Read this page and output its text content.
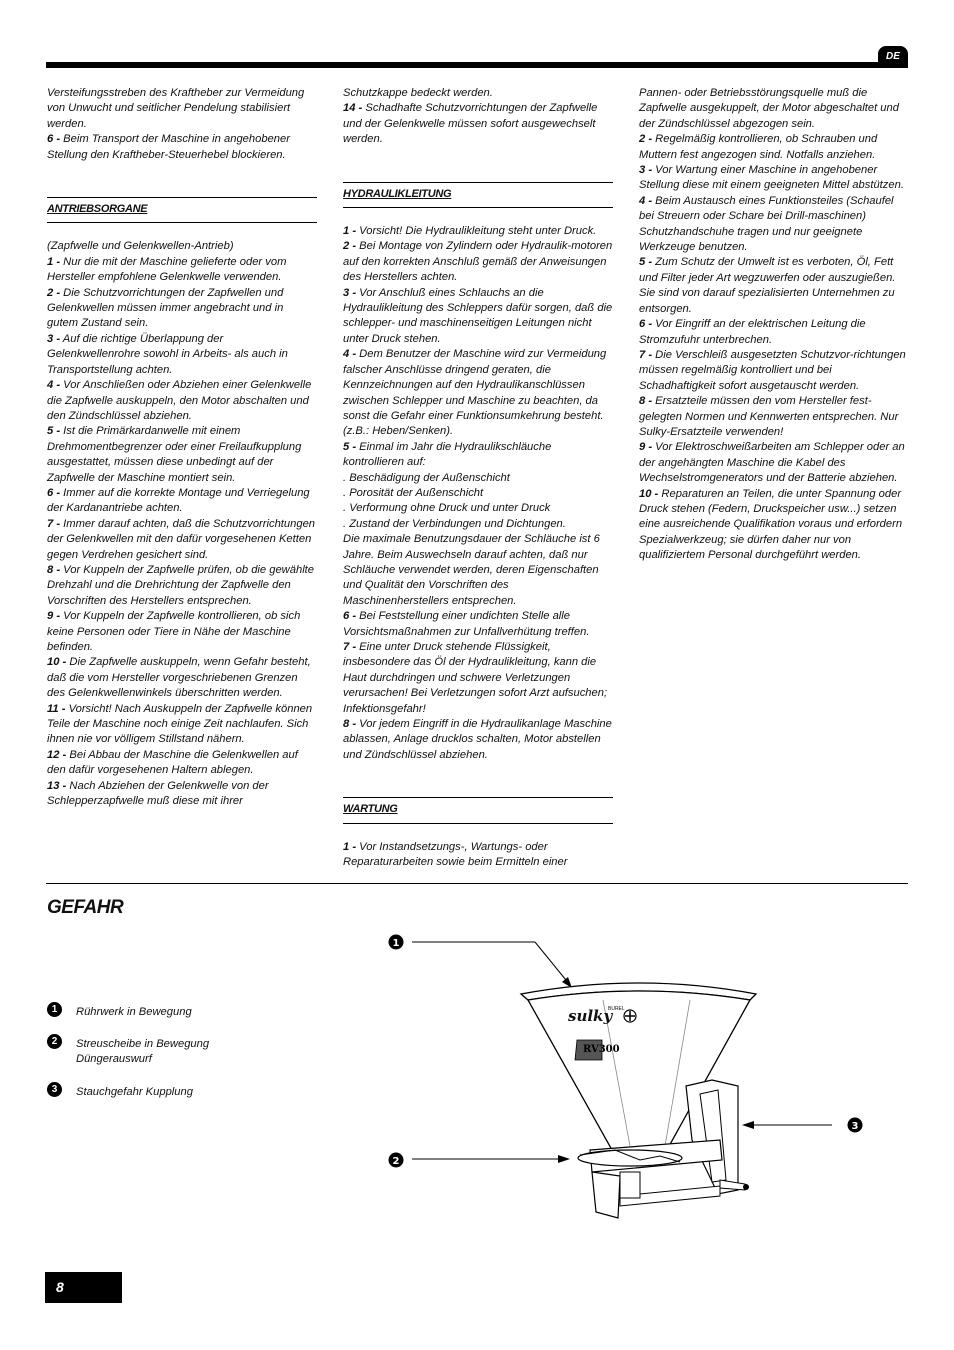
DE

Versteifungsstreben des Kraftheber zur Vermeidung von Unwucht und seitlicher Pendelung stabilisiert werden.

6 - Beim Transport der Maschine in angehobener Stellung den Kraftheber-Steuerhebel blockieren.

ANTRIEBSORGANE

(Zapfwelle und Gelenkwellen-Antrieb)

1 - Nur die mit der Maschine gelieferte oder vom Hersteller empfohlene Gelenkwelle verwenden.

2 - Die Schutzvorrichtungen der Zapfwellen und Gelenkwellen müssen immer angebracht und in gutem Zustand sein.

3 - Auf die richtige Überlappung der Gelenkwellenrohre sowohl in Arbeits- als auch in Transportstellung achten.

4 - Vor Anschließen oder Abziehen einer Gelenkwelle die Zapfwelle auskuppeln, den Motor abschalten und den Zündschlüssel abziehen.

5 - Ist die Primärkardanwelle mit einem Drehmomentbegrenzer oder einer Freilaufkupplung ausgestattet, müssen diese unbedingt auf der Zapfwelle der Maschine montiert sein.

6 - Immer auf die korrekte Montage und Verriegelung der Kardanantriebe achten.

7 - Immer darauf achten, daß die Schutzvorrichtungen der Gelenkwellen mit den dafür vorgesehenen Ketten gegen Verdrehen gesichert sind.

8 - Vor Kuppeln der Zapfwelle prüfen, ob die gewählte Drehzahl und die Drehrichtung der Zapfwelle den Vorschriften des Herstellers entsprechen.

9 - Vor Kuppeln der Zapfwelle kontrollieren, ob sich keine Personen oder Tiere in Nähe der Maschine befinden.

10 - Die Zapfwelle auskuppeln, wenn Gefahr besteht, daß die vom Hersteller vorgeschriebenen Grenzen des Gelenkwellenwinkels überschritten werden.

11 - Vorsicht! Nach Auskuppeln der Zapfwelle können Teile der Maschine noch einige Zeit nachlaufen. Sich ihnen nie vor völligem Stillstand nähern.

12 - Bei Abbau der Maschine die Gelenkwellen auf den dafür vorgesehenen Haltern ablegen.

13 - Nach Abziehen der Gelenkwelle von der Schlepperzapfwelle muß diese mit ihrer

Schutzkappe bedeckt werden.

14 - Schadhafte Schutzvorrichtungen der Zapfwelle und der Gelenkwelle müssen sofort ausgewechselt werden.

HYDRAULIKLEITUNG

1 - Vorsicht! Die Hydraulikleitung steht unter Druck.

2 - Bei Montage von Zylindern oder Hydraulik-motoren auf den korrekten Anschluß gemäß der Anweisungen des Herstellers achten.

3 - Vor Anschluß eines Schlauchs an die Hydraulikleitung des Schleppers dafür sorgen, daß die schlepper- und maschinenseitigen Leitungen nicht unter Druck stehen.

4 - Dem Benutzer der Maschine wird zur Vermeidung falscher Anschlüsse dringend geraten, die Kennzeichnungen auf den Hydraulikanschlüssen zwischen Schlepper und Maschine zu beachten, da sonst die Gefahr einer Funktionsumkehrung besteht. (z.B.: Heben/Senken).

5 - Einmal im Jahr die Hydraulikschläuche kontrollieren auf:

. Beschädigung der Außenschicht

. Porosität der Außenschicht

. Verformung ohne Druck und unter Druck

. Zustand der Verbindungen und Dichtungen.

Die maximale Benutzungsdauer der Schläuche ist 6 Jahre. Beim Auswechseln darauf achten, daß nur Schläuche verwendet werden, deren Eigenschaften und Qualität den Vorschriften des Maschinenherstellers entsprechen.

6 - Bei Feststellung einer undichten Stelle alle Vorsichtsmaßnahmen zur Unfallverhütung treffen.

7 - Eine unter Druck stehende Flüssigkeit, insbesondere das Öl der Hydraulikleitung, kann die Haut durchdringen und schwere Verletzungen verursachen! Bei Verletzungen sofort Arzt aufsuchen; Infektionsgefahr!

8 - Vor jedem Eingriff in die Hydraulikanlage Maschine ablassen, Anlage drucklos schalten, Motor abstellen und Zündschlüssel abziehen.

WARTUNG

1 - Vor Instandsetzungs-, Wartungs- oder Reparaturarbeiten sowie beim Ermitteln einer

Pannen- oder Betriebsstörungsquelle muß die Zapfwelle ausgekuppelt, der Motor abgeschaltet und der Zündschlüssel abgezogen sein.

2 - Regelmäßig kontrollieren, ob Schrauben und Muttern fest angezogen sind. Notfalls anziehen.

3 - Vor Wartung einer Maschine in angehobener Stellung diese mit einem geeigneten Mittel abstützen.

4 - Beim Austausch eines Funktionsteiles (Schaufel bei Streuern oder Schare bei Drill-maschinen) Schutzhandschuhe tragen und nur geeignete Werkzeuge benutzen.

5 - Zum Schutz der Umwelt ist es verboten, Öl, Fett und Filter jeder Art wegzuwerfen oder auszugießen. Sie sind von darauf spezialisierten Unternehmen zu entsorgen.

6 - Vor Eingriff an der elektrischen Leitung die Stromzufuhr unterbrechen.

7 - Die Verschleiß ausgesetzten Schutzvor-richtungen müssen regelmäßig kontrolliert und bei Schadhaftigkeit sofort ausgetauscht werden.

8 - Ersatzteile müssen den vom Hersteller fest-gelegten Normen und Kennwerten entsprechen. Nur Sulky-Ersatzteile verwenden!

9 - Vor Elektroschweißarbeiten am Schlepper oder an der angehängten Maschine die Kabel des Wechselstromgenerators und der Batterie abziehen.

10 - Reparaturen an Teilen, die unter Spannung oder Druck stehen (Federn, Druckspeicher usw...) setzen eine ausreichende Qualifikation voraus und erfordern Spezialwerkzeug; sie dürfen daher nur von qualifiziertem Personal durchgeführt werden.

GEFAHR
1	Rührwerk in Bewegung
2	Streuscheibe in Bewegung Düngerauswurf
3	Stauchgefahr Kupplung
RV300
sulky
BUREL
1
2
3
8
